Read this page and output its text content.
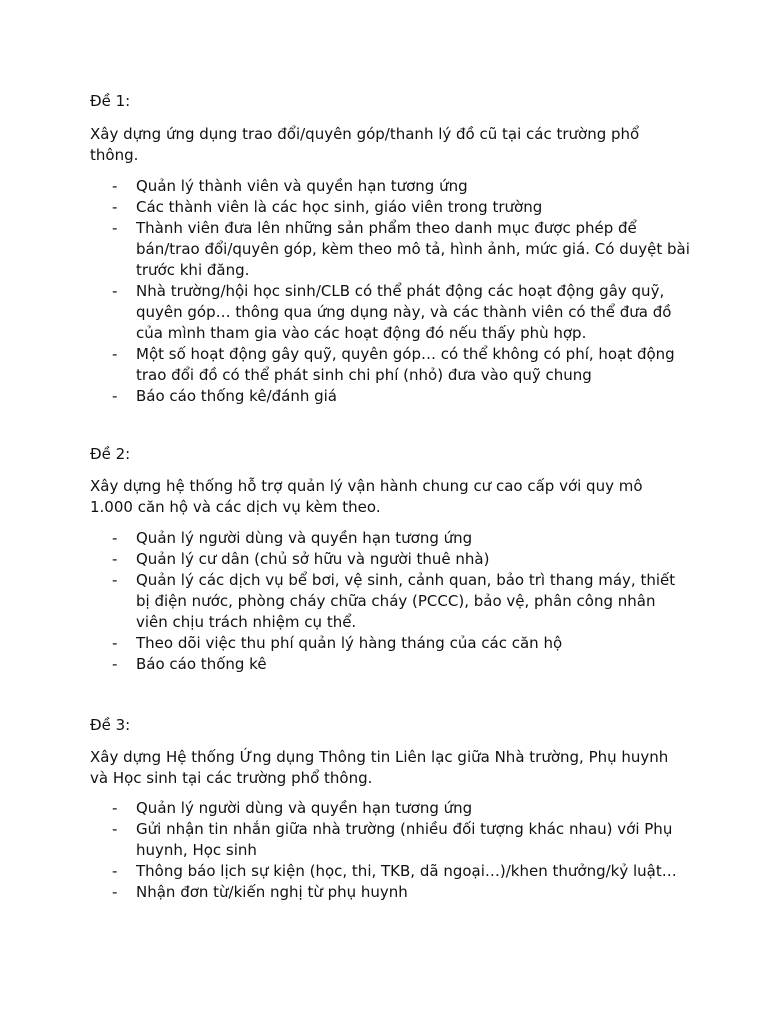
Đề 1:

Xây dựng ứng dụng trao đổi/quyên góp/thanh lý đồ cũ tại các trường phổ thông.

- Quản lý thành viên và quyền hạn tương ứng
- Các thành viên là các học sinh, giáo viên trong trường
- Thành viên đưa lên những sản phẩm theo danh mục được phép để bán/trao đổi/quyên góp, kèm theo mô tả, hình ảnh, mức giá. Có duyệt bài trước khi đăng.
- Nhà trường/hội học sinh/CLB có thể phát động các hoạt động gây quỹ, quyên góp… thông qua ứng dụng này, và các thành viên có thể đưa đồ của mình tham gia vào các hoạt động đó nếu thấy phù hợp.
- Một số hoạt động gây quỹ, quyên góp… có thể không có phí, hoạt động trao đổi đồ có thể phát sinh chi phí (nhỏ) đưa vào quỹ chung
- Báo cáo thống kê/đánh giá

Đề 2:

Xây dựng hệ thống hỗ trợ quản lý vận hành chung cư cao cấp với quy mô 1.000 căn hộ và các dịch vụ kèm theo.

- Quản lý người dùng và quyền hạn tương ứng
- Quản lý cư dân (chủ sở hữu và người thuê nhà)
- Quản lý các dịch vụ bể bơi, vệ sinh, cảnh quan, bảo trì thang máy, thiết bị điện nước, phòng cháy chữa cháy (PCCC), bảo vệ, phân công nhân viên chịu trách nhiệm cụ thể.
- Theo dõi việc thu phí quản lý hàng tháng của các căn hộ
- Báo cáo thống kê

Đề 3:

Xây dựng Hệ thống Ứng dụng Thông tin Liên lạc giữa Nhà trường, Phụ huynh và Học sinh tại các trường phổ thông.

- Quản lý người dùng và quyền hạn tương ứng
- Gửi nhận tin nhắn giữa nhà trường (nhiều đối tượng khác nhau) với Phụ huynh, Học sinh
- Thông báo lịch sự kiện (học, thi, TKB, dã ngoại…)/khen thưởng/kỷ luật…
- Nhận đơn từ/kiến nghị từ phụ huynh
